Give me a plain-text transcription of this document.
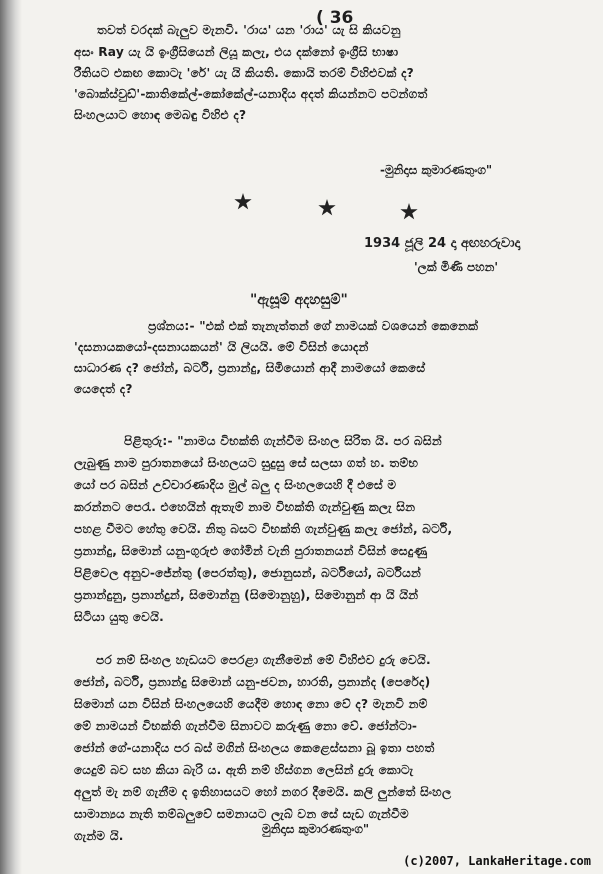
( 36
තවත් වරදක් බැලුව මැනවි. 'රාය' යන 'රාය' යැ සි කියවනු
අසං Ray යැ යි ඉංග්‍රීසියෙන් ලියූ කලැ, එය දක්නෝ ඉංග්‍රීසි භාෂා
රීතියට එකඟ කොටැ 'රේ' යැ යි කියති. කොයි තරම් විහිළුවක් ද?
'බොක්ස්වුඩ්'-කාතිකේල්-කෝකේල්-යනාදිය අදත් කියන්නට පටන්ගත්
සිංහලයාට හොඳ මෙබඳු විහිළු ද?
-මුනිදාස කුමාරණතුංග"
1934 ජූලි 24 දා අඟහරුවාදා
'ලක් මිණි පහන'
"ඇසූම් අදහසුම්"
ප්‍රශ්නය:- "එක් එක් තැනැත්තන් ගේ නාමයක් වශයෙන් කෙනෙක්
'දසනායකයෝ-දසනායකයන්' යි ලියයි. මේ විසින් යොදන්
සාධාරණ ද? ජෝන්, බර්ටි, ප්‍රනාන්දු, සිමියොන් ආදී නාමයෝ කෙසේ
යෙදෙත් ද?
පිළිතුරු:- "නාමය විභක්ති ගැන්වීම සිංහල සිරිත යි. පර බසින්
ලැබුණු නාම පුරාතනයෝ සිංහලයට සුදුසු සේ සලසා ගත් හ. තම්භ
යෝ පර බසින් උච්චාරණාදිය මුල් බලු ද සිංහලයෙහි දී එසේ ම
කරන්නට පෙරැ. එහෙයින් ඇතැම් නාම විභක්ති ගැන්වුණු කලැ සින
පහළ වීමට හේතු වෙයි. නිතු බසට විභක්ති ගැන්වුණු කලැ ජෝන්, බර්ටි,
ප්‍රනාන්දු, සිමොන් යනු-ගුරුළු ගෝමින් වැනි පුරාතනයන් විසින් සෙදුණු
පිළිවෙල අනුව-ජේන්තු (පෙරත්තු), ජොනුසන්, බර්ටියෝ, බර්ටියන්
ප්‍රනාන්දුනු, ප්‍රනාන්දුන්, සිමොන්නු (සිමොනුහු), සිමොනුන් ආ යි යින්
සිටියා යුතු වෙයි.
පර නම් සිංහල හැඩයට පෙරළා ගැනීමෙන් මේ විහිළුව දුරු වෙයි.
ජෝන්, බර්ටි, ප්‍රනාන්දු සිමොන් යනු-ජවන, හාරති, ප්‍රනාන්ද (පෙරේද)
සිමොන් යන විසින් සිංහලයෙහි යෙදීම හොඳ නො වේ ද? මැනවි නම්
මේ නාමයන් විභක්ති ගැන්වීම සිනාවට කරුණු නො වේ. ජෝන්ටා-
ජෝන් ගේ-යනාදිය පර බස් මගින් සිංහලය කෙළෙස්සනා බූ ඉතා පහත්
යෙදුම් බව සහ කියා බැරි ය. ඇති නම් හිස්ගන ලෙසින් දුරු කොටැ
අලුත් මැ නම් ගැනීම ද ඉතිහාසයට හෝ නගර දීමෙයි. කලි ලුන්තේ සිංහල
සාමාන්‍යය නැති තම්බලුවේ සමනායට ලැබ් වන සේ සැඩ ගැන්වීම
ගැන්ම යි.	මුනිදාස කුමාරණතුංග"
(c)2007, LankaHeritage.com
